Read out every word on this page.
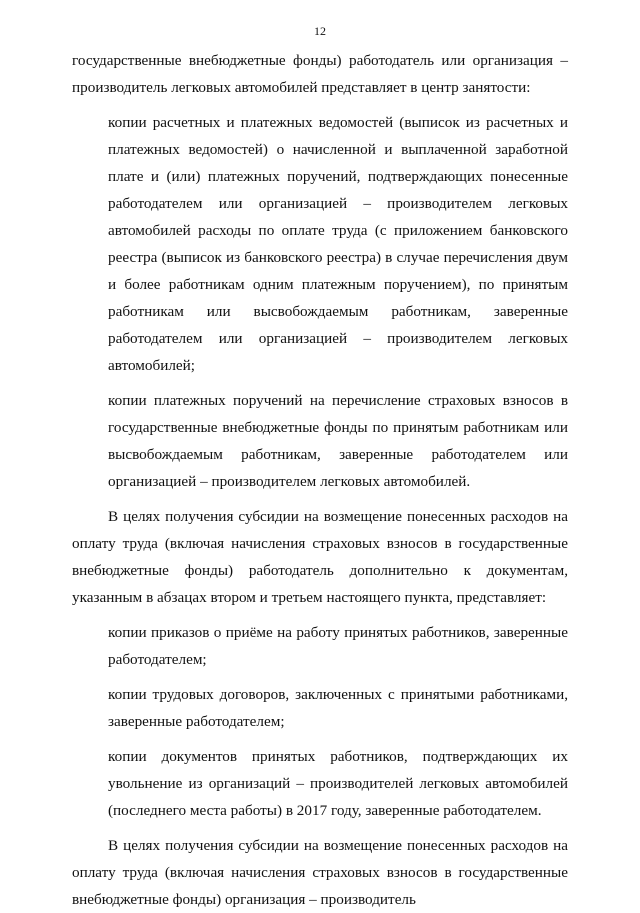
12

государственные внебюджетные фонды) работодатель или организация – производитель легковых автомобилей представляет в центр занятости:

копии расчетных и платежных ведомостей (выписок из расчетных и платежных ведомостей) о начисленной и выплаченной заработной плате и (или) платежных поручений, подтверждающих понесенные работодателем или организацией – производителем легковых автомобилей расходы по оплате труда (с приложением банковского реестра (выписок из банковского реестра) в случае перечисления двум и более работникам одним платежным поручением), по принятым работникам или высвобождаемым работникам, заверенные работодателем или организацией – производителем легковых автомобилей;

копии платежных поручений на перечисление страховых взносов в государственные внебюджетные фонды по принятым работникам или высвобождаемым работникам, заверенные работодателем или организацией – производителем легковых автомобилей.

В целях получения субсидии на возмещение понесенных расходов на оплату труда (включая начисления страховых взносов в государственные внебюджетные фонды) работодатель дополнительно к документам, указанным в абзацах втором и третьем настоящего пункта, представляет:

копии приказов о приёме на работу принятых работников, заверенные работодателем;

копии трудовых договоров, заключенных с принятыми работниками, заверенные работодателем;

копии документов принятых работников, подтверждающих их увольнение из организаций – производителей легковых автомобилей (последнего места работы) в 2017 году, заверенные работодателем.

В целях получения субсидии на возмещение понесенных расходов на оплату труда (включая начисления страховых взносов в государственные внебюджетные фонды) организация – производитель
